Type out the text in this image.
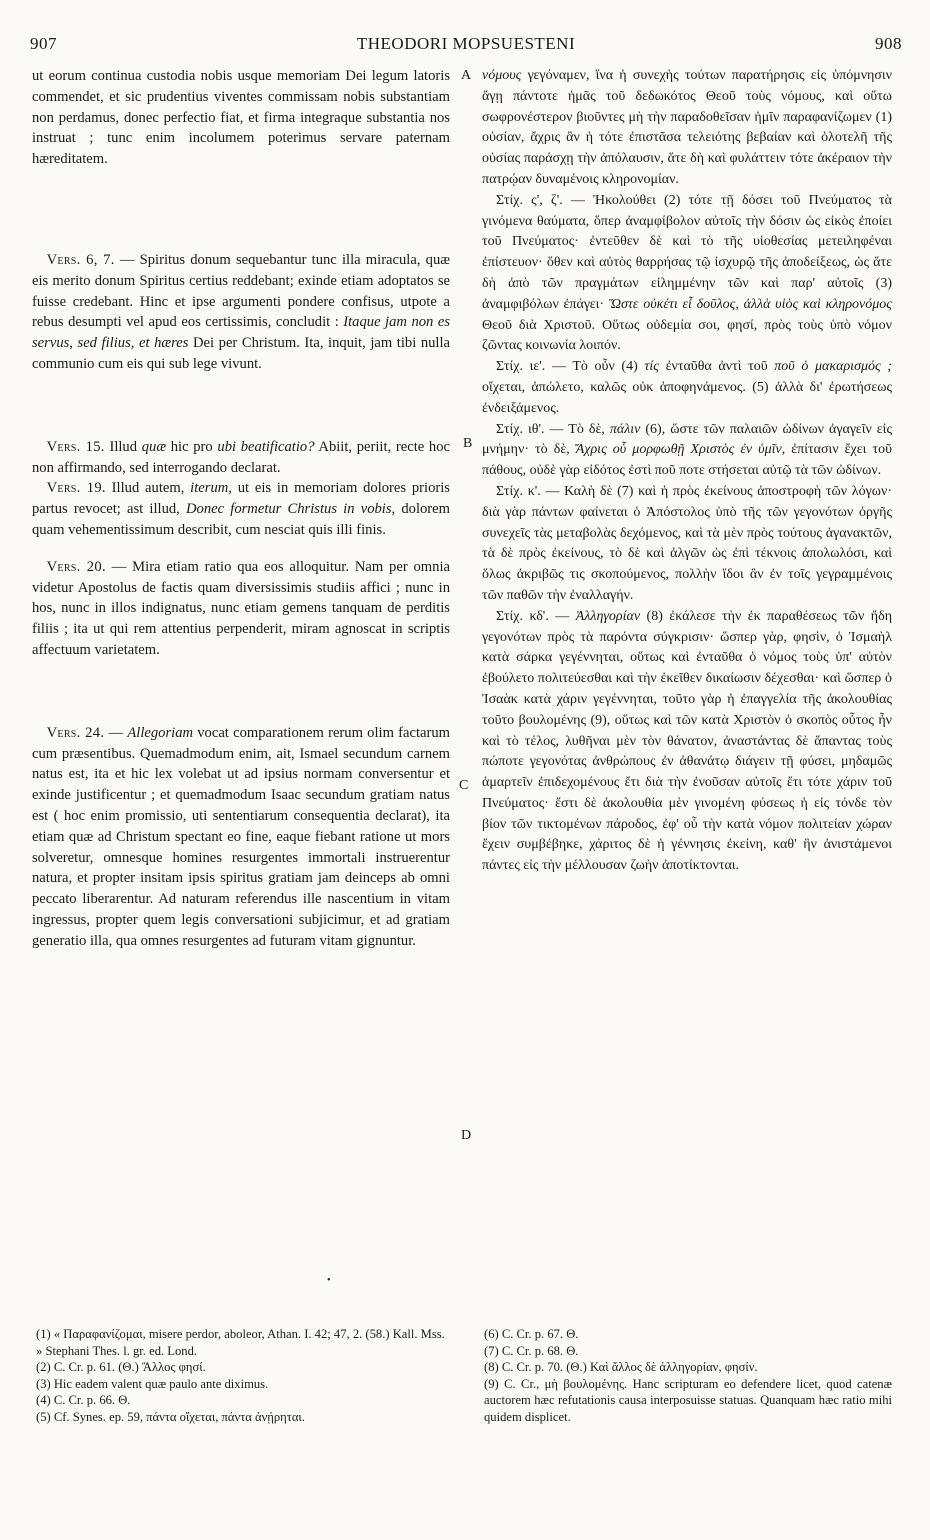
907	THEODORI MOPSUESTENI	908

ut eorum continua custodia nobis usque memoriam Dei legum latoris commendet, et sic prudentius viventes commissam nobis substantiam non perdamus, donec perfectio fiat, et firma integraque substantia nos instruat ; tunc enim incolumem poterimus servare paternam hæreditatem.

 Vers. 6, 7. — Spiritus donum sequebantur tunc illa miracula, quæ eis merito donum Spiritus certius reddebant; exinde etiam adoptatos se fuisse credebant. Hinc et ipse argumenti pondere confisus, utpote a rebus desumpti vel apud eos certissimis, concludit : Itaque jam non es servus, sed filius, et hæres Dei per Christum. Ita, inquit, jam tibi nulla communio cum eis qui sub lege vivunt.

 Vers. 15. Illud quæ hic pro ubi beatificatio? Abiit, periit, recte hoc non affirmando, sed interrogando declarat.

 Vers. 19. Illud autem, iterum, ut eis in memoriam dolores prioris partus revocet; ast illud, Donec formetur Christus in vobis, dolorem quam vehementissimum describit, cum nesciat quis illi finis.

 Vers. 20. — Mira etiam ratio qua eos alloquitur. Nam per omnia videtur Apostolus de factis quam diversissimis studiis affici ; nunc in hos, nunc in illos indignatus, nunc etiam gemens tanquam de perditis filiis ; ita ut qui rem attentius perpenderit, miram agnoscat in scriptis affectuum varietatem.

 Vers. 24. — Allegoriam vocat comparationem rerum olim factarum cum præsentibus. Quemadmodum enim, ait, Ismael secundum carnem natus est, ita et hic lex volebat ut ad ipsius normam conversentur et exinde justificentur ; et quemadmodum Isaac secundum gratiam natus est ( hoc enim promissio, uti sententiarum consequentia declarat), ita etiam quæ ad Christum spectant eo fine, eaque fiebant ratione ut mors solveretur, omnesque homines resurgentes immortali instruerentur natura, et propter insitam ipsis spiritus gratiam jam deinceps ab omni peccato liberarentur. Ad naturam referendus ille nascentium in vitam ingressus, propter quem legis conversationi subjicimur, et ad gratiam generatio illa, qua omnes resurgentes ad futuram vitam gignuntur.

A
B
C
D

νόμους γεγόναμεν, ἵνα ἡ συνεχὴς τούτων παρατήρησις εἰς ὑπόμνησιν ἄγῃ πάντοτε ἡμᾶς τοῦ δεδωκότος Θεοῦ τοὺς νόμους, καὶ οὕτω σωφρονέστερον βιοῦντες μὴ τὴν παραδοθεῖσαν ἡμῖν παραφανίζωμεν (1) οὐσίαν, ἄχρις ἂν ἡ τότε ἐπιστᾶσα τελειότης βεβαίαν καὶ ὁλοτελῆ τῆς οὐσίας παράσχῃ τὴν ἀπόλαυσιν, ἅτε δὴ καὶ φυλάττειν τότε ἀκέραιον τὴν πατρῴαν δυναμένοις κληρονομίαν.

 Στίχ. ς', ζ'. — Ἠκολούθει (2) τότε τῇ δόσει τοῦ Πνεύματος τὰ γινόμενα θαύματα, ὅπερ ἀναμφίβολον αὐτοῖς τὴν δόσιν ὡς εἰκὸς ἐποίει τοῦ Πνεύματος· ἐντεῦθεν δὲ καὶ τὸ τῆς υἱοθεσίας μετειληφέναι ἐπίστευον· ὅθεν καὶ αὐτὸς θαρρήσας τῷ ἰσχυρῷ τῆς ἀποδείξεως, ὡς ἅτε δὴ ἀπὸ τῶν πραγμάτων εἰλημμένην τῶν καὶ παρ' αὐτοῖς (3) ἀναμφιβόλων ἐπάγει· Ὥστε οὐκέτι εἶ δοῦλος, ἀλλὰ υἱὸς καὶ κληρονόμος Θεοῦ διὰ Χριστοῦ. Οὕτως οὐδεμία σοι, φησί, πρὸς τοὺς ὑπὸ νόμον ζῶντας κοινωνία λοιπόν.

 Στίχ. ιε'. — Τὸ οὖν (4) τίς ἐνταῦθα ἀντὶ τοῦ ποῦ ὁ μακαρισμός ; οἴχεται, ἀπώλετο, καλῶς οὐκ ἀποφηνάμενος. (5) ἀλλὰ δι' ἐρωτήσεως ἐνδειξάμενος.

 Στίχ. ιθ'. — Τὸ δὲ, πάλιν (6), ὥστε τῶν παλαιῶν ὠδίνων ἀγαγεῖν εἰς μνήμην· τὸ δὲ, Ἄχρις οὗ μορφωθῇ Χριστὸς ἐν ὑμῖν, ἐπίτασιν ἔχει τοῦ πάθους, οὐδὲ γὰρ εἰδότος ἐστὶ ποῦ ποτε στήσεται αὐτῷ τὰ τῶν ὠδίνων.

 Στίχ. κ'. — Καλὴ δὲ (7) καὶ ἡ πρὸς ἐκείνους ἀποστροφὴ τῶν λόγων· διὰ γὰρ πάντων φαίνεται ὁ Ἀπόστολος ὑπὸ τῆς τῶν γεγονότων ὀργῆς συνεχεῖς τὰς μεταβολὰς δεχόμενος, καὶ τὰ μὲν πρὸς τούτους ἀγανακτῶν, τὰ δὲ πρὸς ἐκείνους, τὸ δὲ καὶ ἀλγῶν ὡς ἐπὶ τέκνοις ἀπολωλόσι, καὶ ὅλως ἀκριβῶς τις σκοπούμενος, πολλὴν ἴδοι ἂν ἐν τοῖς γεγραμμένοις τῶν παθῶν τὴν ἐναλλαγήν.

 Στίχ. κδ'. — Ἀλληγορίαν (8) ἐκάλεσε τὴν ἐκ παραθέσεως τῶν ἤδη γεγονότων πρὸς τὰ παρόντα σύγκρισιν· ὥσπερ γὰρ, φησὶν, ὁ Ἰσμαὴλ κατὰ σάρκα γεγέννηται, οὕτως καὶ ἐνταῦθα ὁ νόμος τοὺς ὑπ' αὐτὸν ἐβούλετο πολιτεύεσθαι καὶ τὴν ἐκεῖθεν δικαίωσιν δέχεσθαι· καὶ ὥσπερ ὁ Ἰσαὰκ κατὰ χάριν γεγέννηται, τοῦτο γὰρ ἡ ἐπαγγελία τῆς ἀκολουθίας τοῦτο βουλομένης (9), οὕτως καὶ τῶν κατὰ Χριστὸν ὁ σκοπὸς οὗτος ἦν καὶ τὸ τέλος, λυθῆναι μὲν τὸν θάνατον, ἀναστάντας δὲ ἅπαντας τοὺς πώποτε γεγονότας ἀνθρώπους ἐν ἀθανάτῳ διάγειν τῇ φύσει, μηδαμῶς ἁμαρτεῖν ἐπιδεχομένους ἔτι διὰ τὴν ἐνοῦσαν αὐτοῖς ἔτι τότε χάριν τοῦ Πνεύματος· ἔστι δὲ ἀκολουθία μὲν γινομένη φύσεως ἡ εἰς τόνδε τὸν βίον τῶν τικτομένων πάροδος, ἐφ' οὗ τὴν κατὰ νόμον πολιτείαν χώραν ἔχειν συμβέβηκε, χάριτος δὲ ἡ γέννησις ἐκείνη, καθ' ἣν ἀνιστάμενοι πάντες εἰς τὴν μέλλουσαν ζωὴν ἀποτίκτονται.

•

(1) « Παραφανίζομαι, misere perdor, aboleor, Athan. I. 42; 47, 2. (58.) Kall. Mss. » Stephani Thes. l. gr. ed. Lond.

(2) C. Cr. p. 61. (Θ.) Ἄλλος φησί.

(3) Hic eadem valent quæ paulo ante diximus.

(4) C. Cr. p. 66. Θ.

(5) Cf. Synes. ep. 59, πάντα οἴχεται, πάντα ἀνῄρηται.

(6) C. Cr. p. 67. Θ.

(7) C. Cr. p. 68. Θ.

(8) C. Cr. p. 70. (Θ.) Καὶ ἄλλος δὲ ἀλληγορίαν, φησίν.

(9) C. Cr., μὴ βουλομένης. Hanc scripturam eo defendere licet, quod catenæ auctorem hæc refutationis causa interposuisse statuas. Quanquam hæc ratio mihi quidem displicet.
